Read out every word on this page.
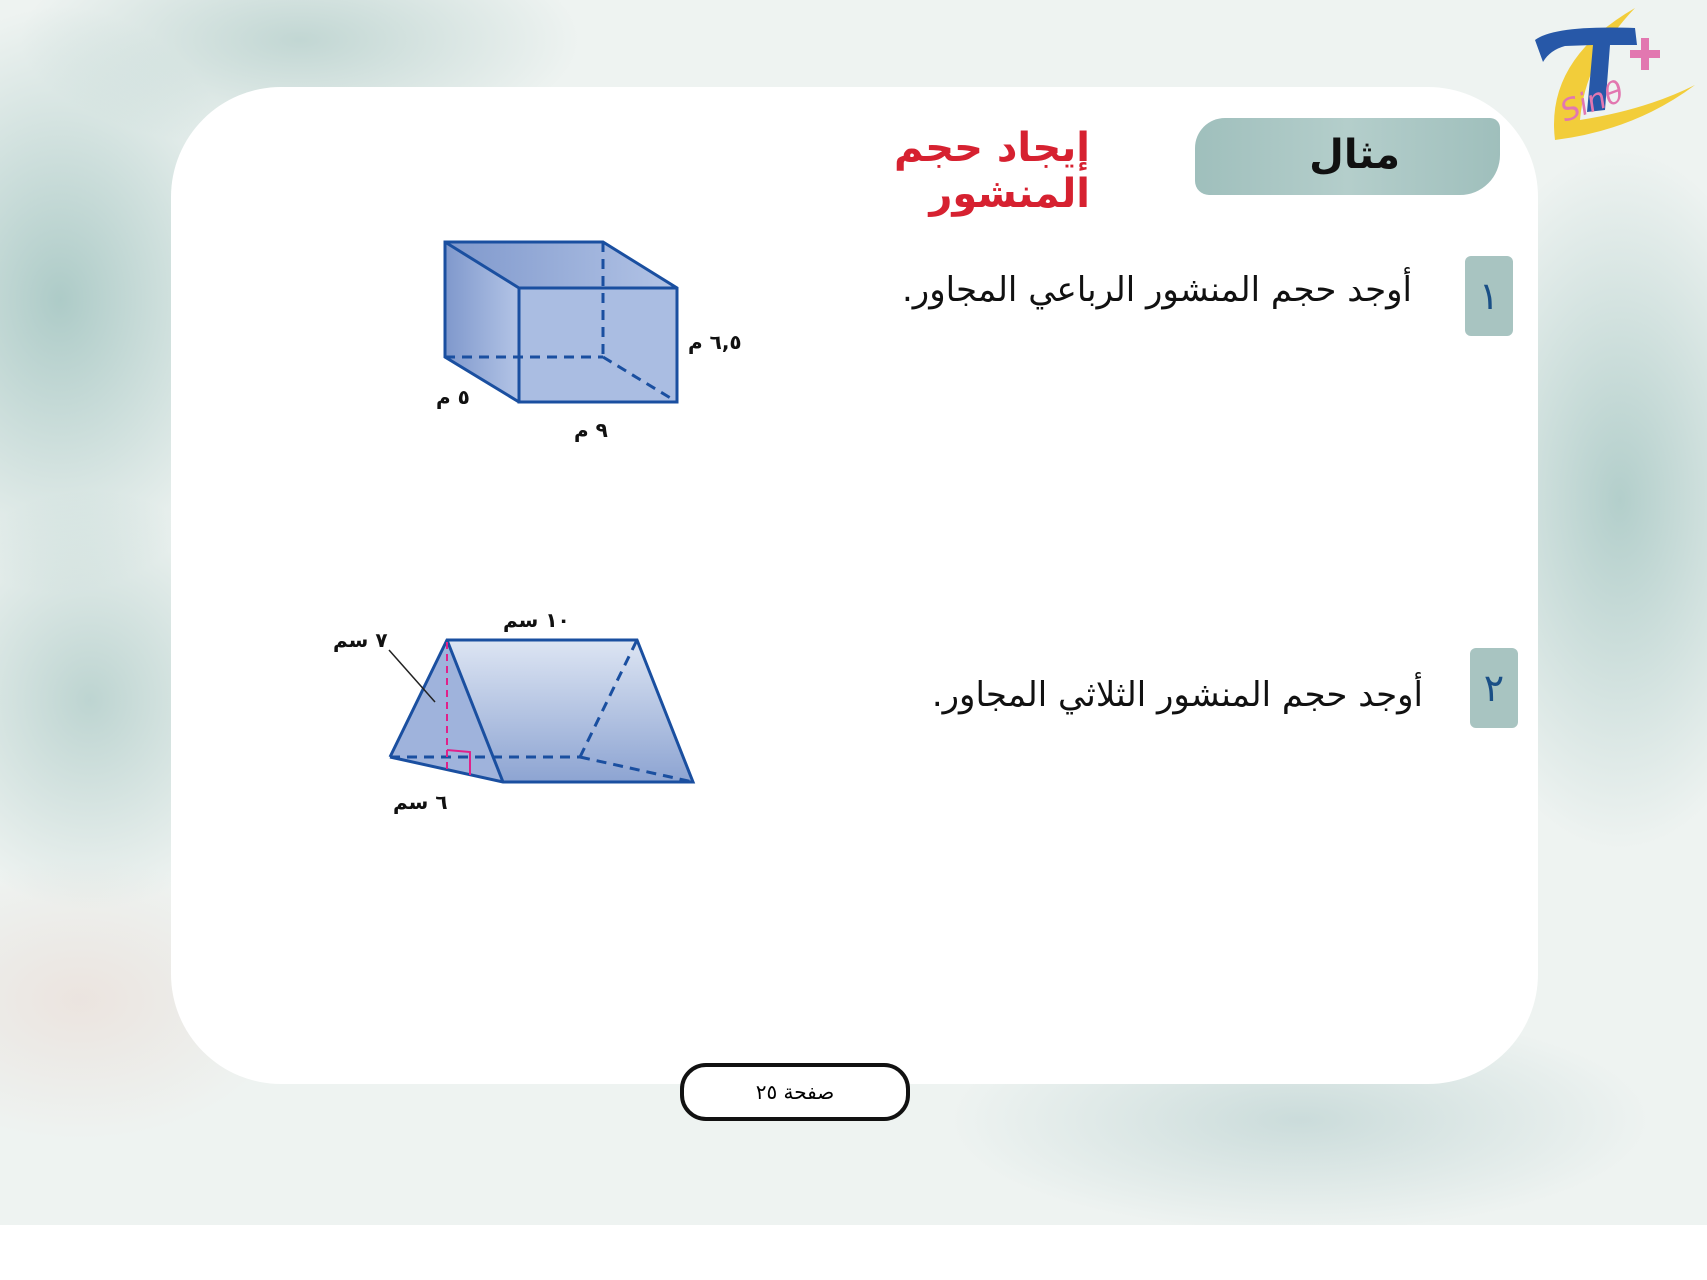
Sinθ
إيجاد حجم المنشور
مثال
١
أوجد حجم المنشور الرباعي المجاور.
٦,٥ م
٥ م
٩ م
٢
أوجد حجم المنشور الثلاثي المجاور.
١٠ سم
٧ سم
٦ سم
صفحة ٢٥
